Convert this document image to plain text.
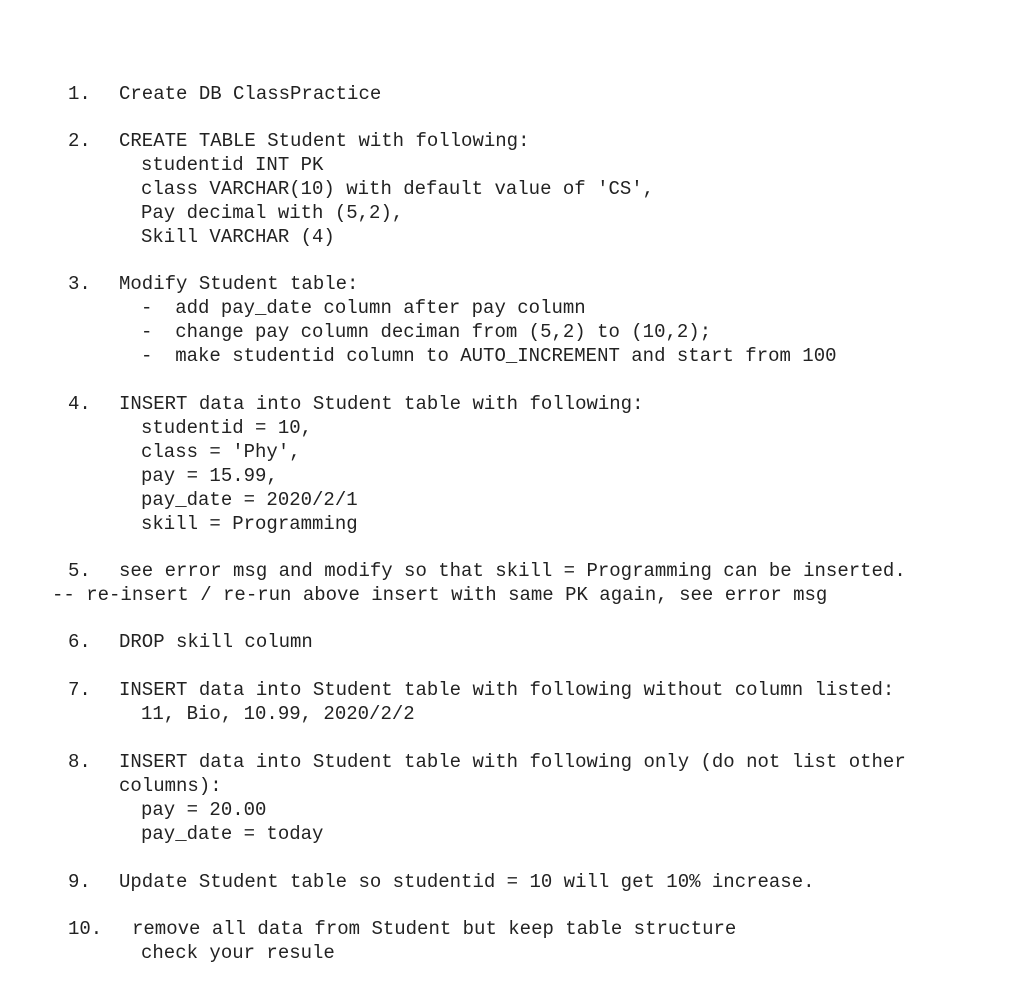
1. Create DB ClassPractice
2. CREATE TABLE Student with following:
studentid INT PK
class VARCHAR(10) with default value of 'CS',
Pay decimal with (5,2),
Skill VARCHAR (4)
3. Modify Student table:
-  add pay_date column after pay column
-  change pay column deciman from (5,2) to (10,2);
-  make studentid column to AUTO_INCREMENT and start from 100
4. INSERT data into Student table with following:
studentid = 10,
class = 'Phy',
pay = 15.99,
pay_date = 2020/2/1
skill = Programming
5. see error msg and modify so that skill = Programming can be inserted.
-- re-insert / re-run above insert with same PK again, see error msg
6. DROP skill column
7. INSERT data into Student table with following without column listed:
11, Bio, 10.99, 2020/2/2
8. INSERT data into Student table with following only (do not list other
columns):
pay = 20.00
pay_date = today
9. Update Student table so studentid = 10 will get 10% increase.
10. remove all data from Student but keep table structure
check your resule
